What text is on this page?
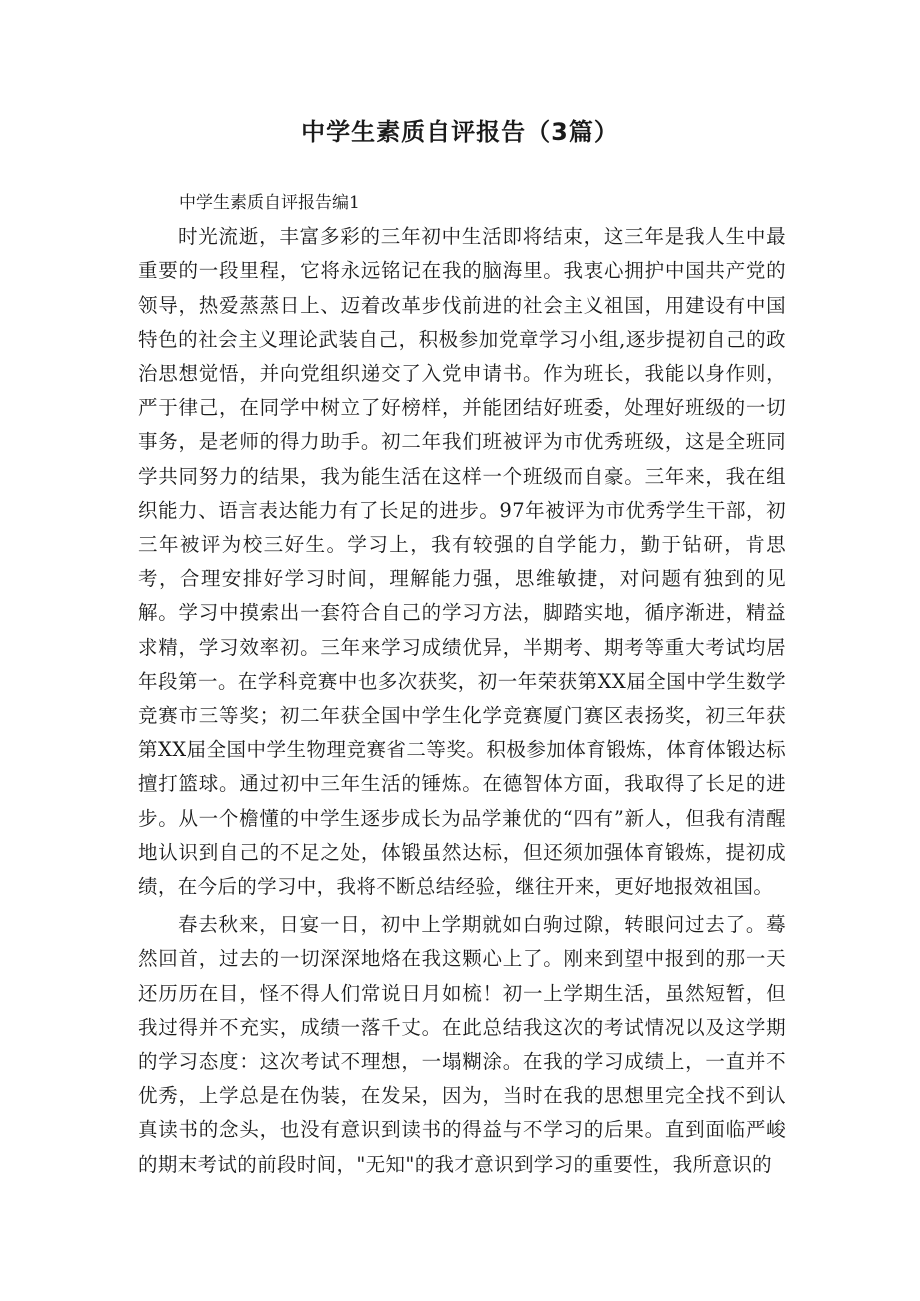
中学生素质自评报告（3篇）

中学生素质自评报告编1

时光流逝，丰富多彩的三年初中生活即将结束，这三年是我人生中最重要的一段里程，它将永远铭记在我的脑海里。我衷心拥护中国共产党的领导，热爱蒸蒸日上、迈着改革步伐前进的社会主义祖国，用建设有中国特色的社会主义理论武装自己，积极参加党章学习小组,逐步提初自己的政治思想觉悟，并向党组织递交了入党申请书。作为班长，我能以身作则，严于律己，在同学中树立了好榜样，并能团结好班委，处理好班级的一切事务，是老师的得力助手。初二年我们班被评为市优秀班级，这是全班同学共同努力的结果，我为能生活在这样一个班级而自豪。三年来，我在组织能力、语言表达能力有了长足的进步。97年被评为市优秀学生干部，初三年被评为校三好生。学习上，我有较强的自学能力，勤于钻研，肯思考，合理安排好学习时间，理解能力强，思维敏捷，对问题有独到的见解。学习中摸索出一套符合自己的学习方法，脚踏实地，循序渐进，精益求精，学习效率初。三年来学习成绩优异，半期考、期考等重大考试均居年段第一。在学科竞赛中也多次获奖，初一年荣获第XX届全国中学生数学竞赛市三等奖；初二年获全国中学生化学竞赛厦门赛区表扬奖，初三年获第XX届全国中学生物理竞赛省二等奖。积极参加体育锻炼，体育体锻达标擅打篮球。通过初中三年生活的锤炼。在德智体方面，我取得了长足的进步。从一个檐懂的中学生逐步成长为品学兼优的“四有”新人，但我有清醒地认识到自己的不足之处，体锻虽然达标，但还须加强体育锻炼，提初成绩，在今后的学习中，我将不断总结经验，继往开来，更好地报效祖国。

春去秋来，日宴一日，初中上学期就如白驹过隙，转眼问过去了。蓦然回首，过去的一切深深地烙在我这颗心上了。刚来到望中报到的那一天还历历在目，怪不得人们常说日月如梳！初一上学期生活，虽然短暂，但我过得并不充实，成绩一落千丈。在此总结我这次的考试情况以及这学期的学习态度：这次考试不理想，一塌糊涂。在我的学习成绩上，一直并不优秀，上学总是在伪装，在发呆，因为，当时在我的思想里完全找不到认真读书的念头，也没有意识到读书的得益与不学习的后果。直到面临严峻的期末考试的前段时间，"无知"的我才意识到学习的重要性，我所意识的
